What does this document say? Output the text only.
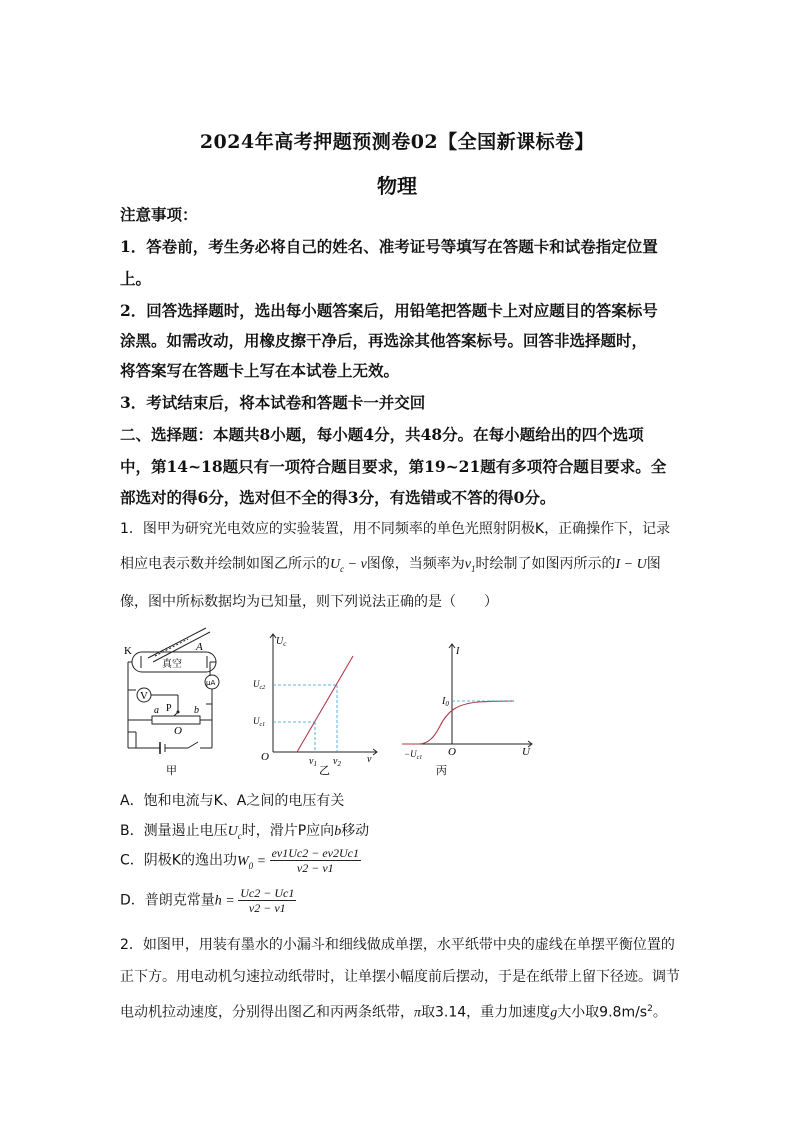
2024年高考押题预测卷02【全国新课标卷】
物理
注意事项：
1．答卷前，考生务必将自己的姓名、准考证号等填写在答题卡和试卷指定位置
上。
2．回答选择题时，选出每小题答案后，用铅笔把答题卡上对应题目的答案标号
涂黑。如需改动，用橡皮擦干净后，再选涂其他答案标号。回答非选择题时，
将答案写在答题卡上写在本试卷上无效。
3．考试结束后，将本试卷和答题卡一并交回
二、选择题：本题共8小题，每小题4分，共48分。在每小题给出的四个选项
中，第14~18题只有一项符合题目要求，第19~21题有多项符合题目要求。全
部选对的得6分，选对但不全的得3分，有选错或不答的得0分。
1．图甲为研究光电效应的实验装置，用不同频率的单色光照射阴极K，正确操作下，记录
相应电表示数并绘制如图乙所示的$U_c - \nu$图像，当频率为$\nu_1$时绘制了如图丙所示的I − U图
像，图中所标数据均为已知量，则下列说法正确的是（　　）
K	A
真空
μA
V
a P b
O
甲
$U_c$
$U_{c2}$
$U_{c1}$
O	$\nu_1$ $\nu_2$	ν
乙
I
$I_0$
$-U_{c1}$ O	U
丙
A．饱和电流与K、A之间的电压有关
B．测量遏止电压$U_c$时，滑片P应向b移动
C．阴极K的逸出功$W_0 = \frac{e\nu 1Uc2 - e\nu 2Uc1}{\nu 2 - \nu 1}$
D．普朗克常量$h = \frac{Uc2 - Uc1}{\nu 2 - \nu 1}$
2．如图甲，用装有墨水的小漏斗和细线做成单摆，水平纸带中央的虚线在单摆平衡位置的
正下方。用电动机匀速拉动纸带时，让单摆小幅度前后摆动，于是在纸带上留下径迹。调节
电动机拉动速度，分别得出图乙和丙两条纸带，π取3.14，重力加速度g大小取$9.8m/s^2$。
